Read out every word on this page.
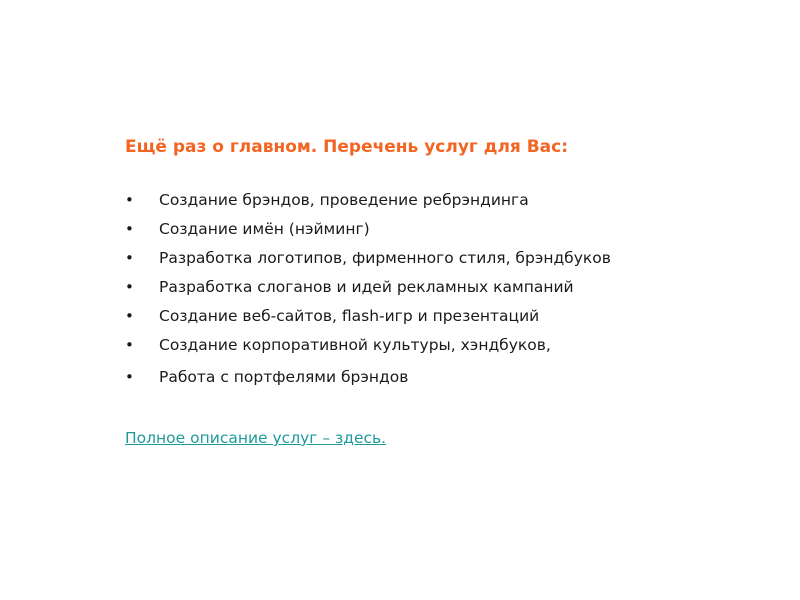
Ещё раз о главном. Перечень услуг для Вас:
• Создание брэндов, проведение ребрэндинга
• Создание имён (нэйминг)
• Разработка логотипов, фирменного стиля, брэндбуков
• Разработка слоганов и идей рекламных кампаний
• Создание веб-сайтов, flash-игр и презентаций
• Создание корпоративной культуры, хэндбуков,
• Работа с портфелями брэндов
Полное описание услуг – здесь.
